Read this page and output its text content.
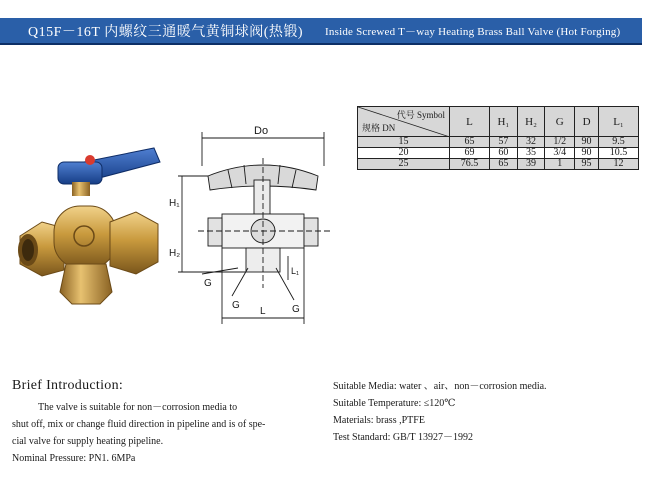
Q15F－16T 内螺纹三通暖气黄铜球阀(热锻) Inside Screwed T－way Heating Brass Ball Valve (Hot Forging)
Do
H₁
H₂
G
G
L₁
G
L
代号 Symbol
规格 DN	L	H₁	H₂	G	D	L₁
15	65	57	32	1/2	90	9.5
20	69	60	35	3/4	90	10.5
25	76.5	65	39	1	95	12
Brief Introduction:
The valve is suitable for non－corrosion media to
shut off, mix or change fluid direction in pipeline and is of spe-
cial valve for supply heating pipeline.
Nominal Pressure: PN1. 6MPa
Suitable Media: water 、air、non－corrosion media.
Suitable Temperature: ≤120℃
Materials: brass ,PTFE
Test Standard: GB/T 13927－1992
